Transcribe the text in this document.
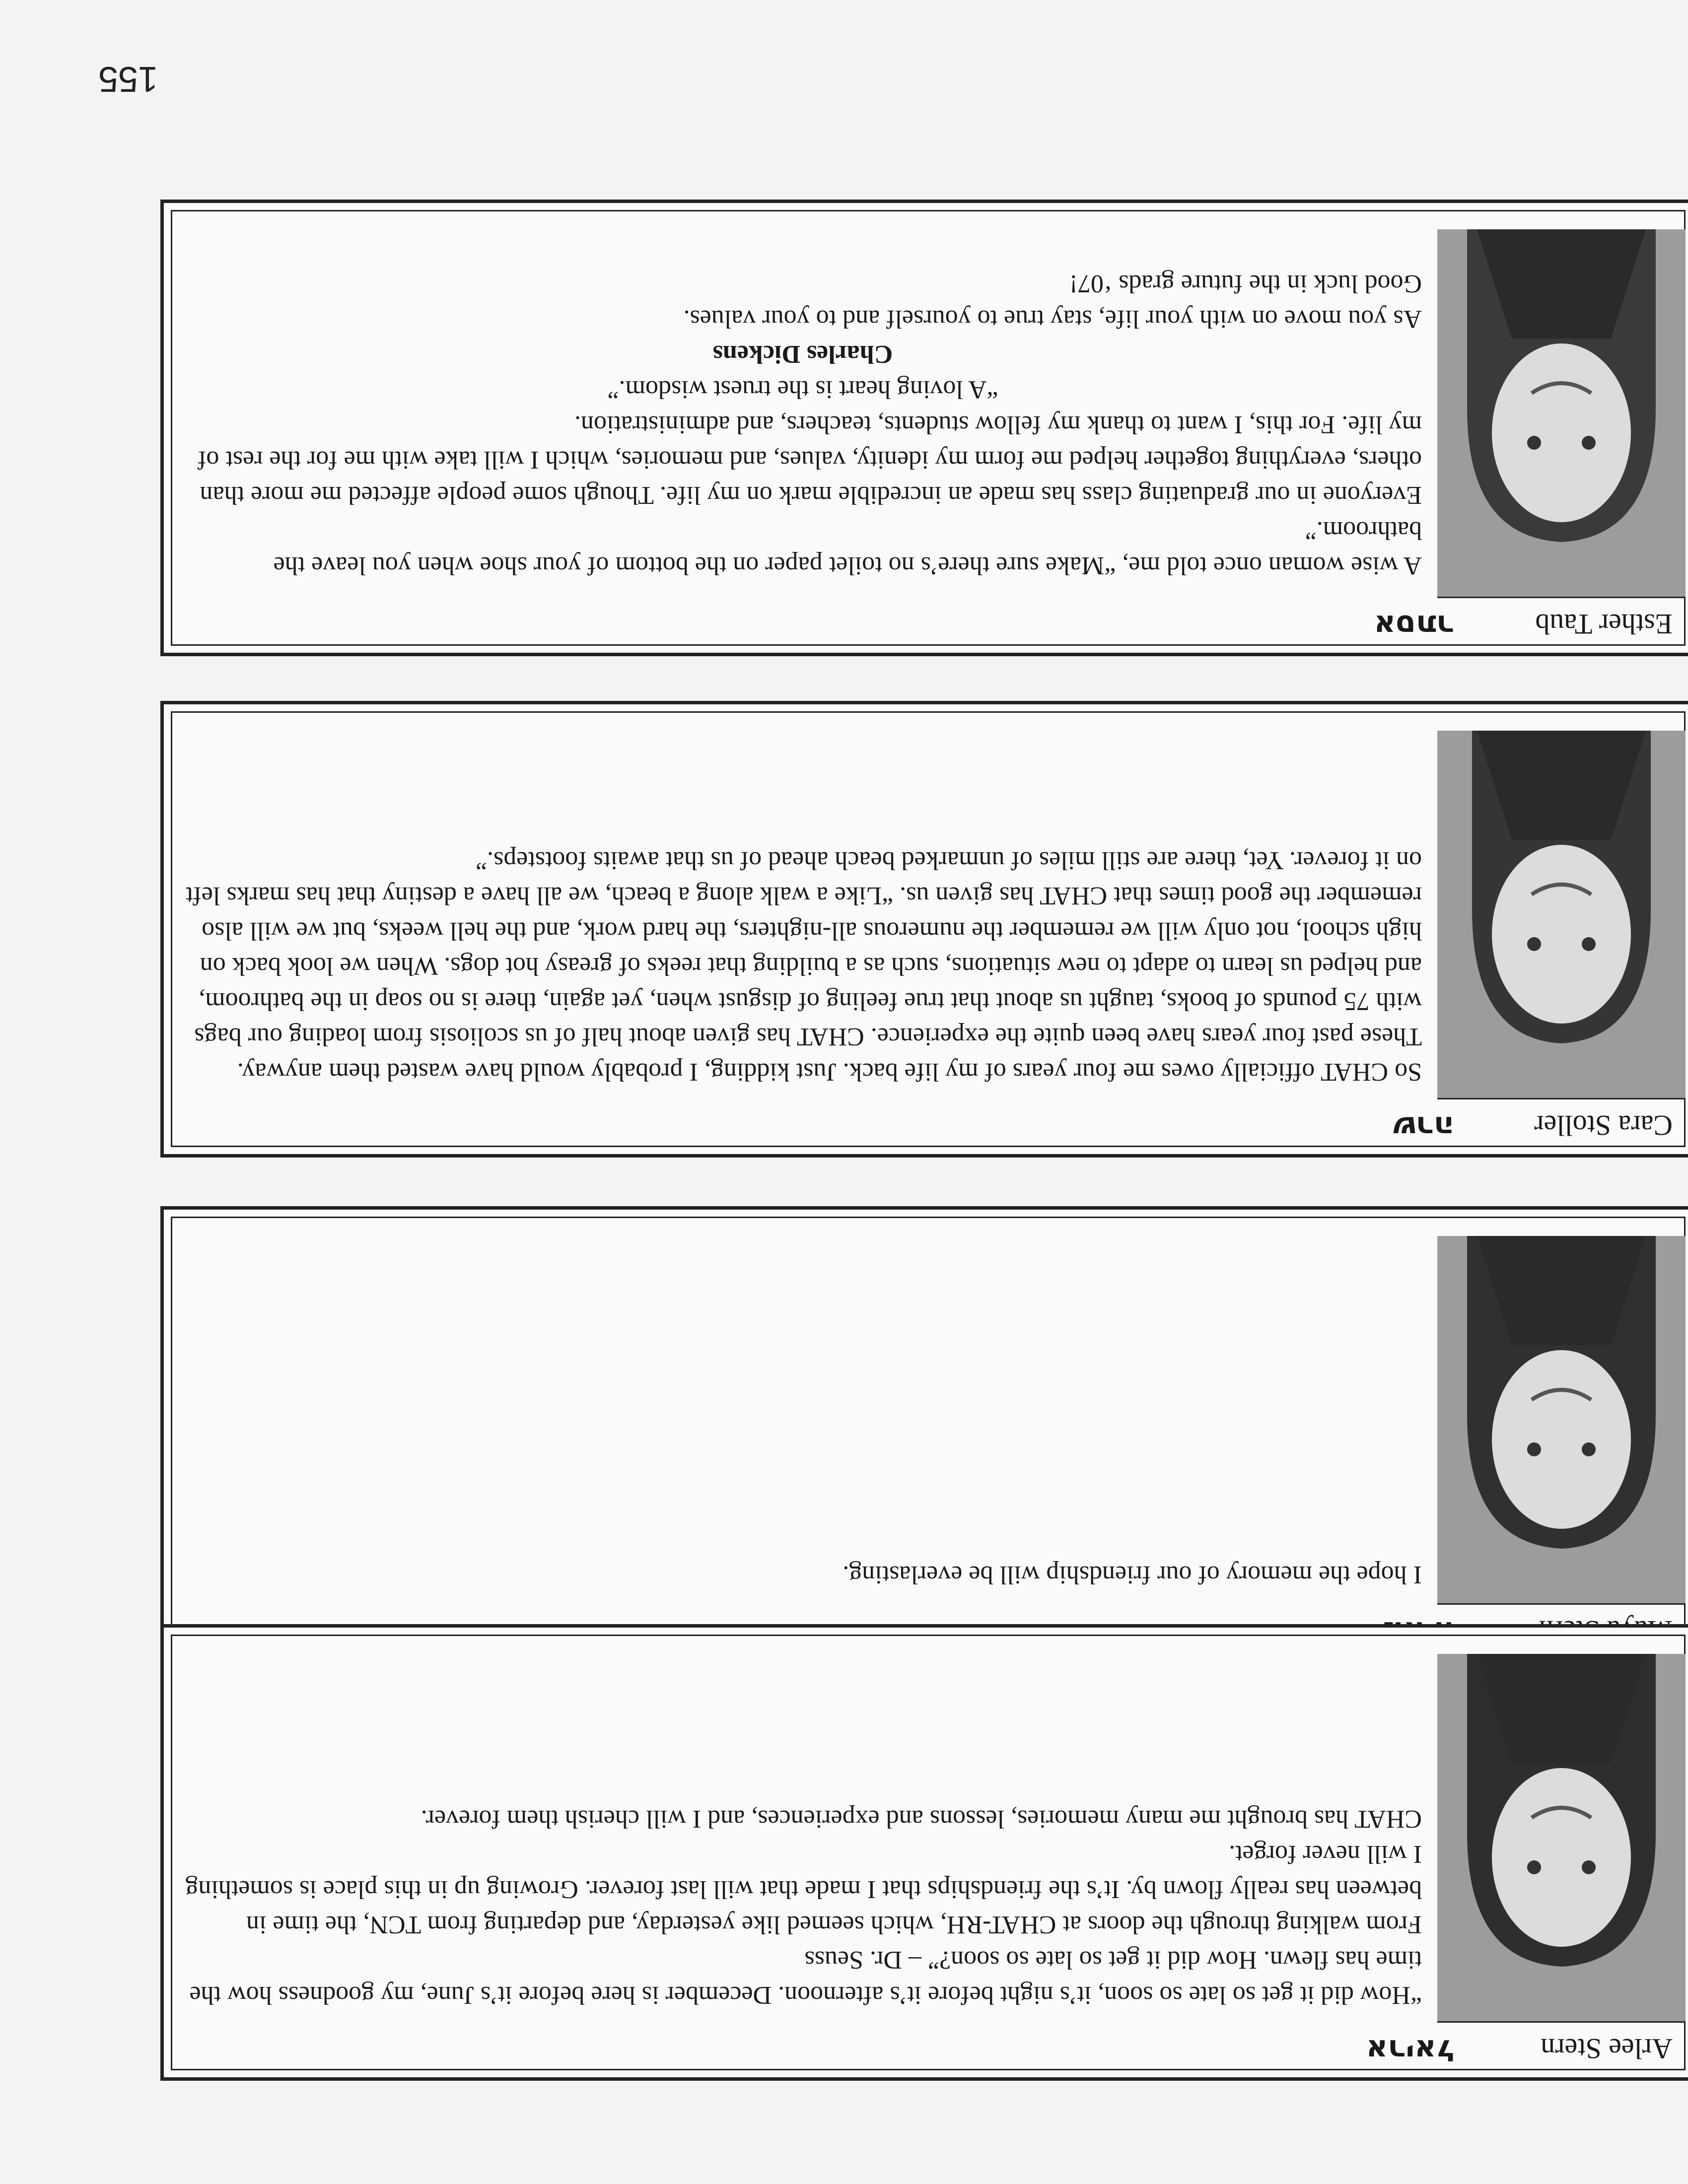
155
Esther Taub
אסתר

A wise woman once told me, “Make sure there’s no toilet paper on the bottom of your shoe when you leave the bathroom.”

Everyone in our graduating class has made an incredible mark on my life. Though some people affected me more than others, everything together helped me form my idenity, values, and memories, which I will take with me for the rest of my life. For this, I want to thank my fellow students, teachers, and administration.

“A loving heart is the truest wisdom.”

Charles Dickens

As you move on with your life, stay true to yourself and to your values.

Good luck in the future grads ‘07!

Cara Stoller
שרה

So CHAT officially owes me four years of my life back. Just kidding, I probably would have wasted them anyway. These past four years have been quite the experience. CHAT has given about half of us scoliosis from loading our bags with 75 pounds of books, taught us about that true feeling of disgust when, yet again, there is no soap in the bathroom, and helped us learn to adapt to new situations, such as a building that reeks of greasy hot dogs. When we look back on high school, not only will we remember the numerous all-nighters, the hard work, and the hell weeks, but we will also remember the good times that CHAT has given us. “Like a walk along a beach, we all have a destiny that has marks left on it forever. Yet, there are still miles of unmarked beach ahead of us that awaits footsteps.”

I hope the memory of our friendship will be everlasting.

Arlee Stern
אריאל

“How did it get so late so soon, it’s night before it’s afternoon. December is here before it’s June, my goodness how the time has flewn. How did it get so late so soon?” – Dr. Seuss

From walking through the doors at CHAT-RH, which seemed like yesterday, and departing from TCN, the time in between has really flown by. It’s the friendships that I made that will last forever. Growing up in this place is something I will never forget.

CHAT has brought me many memories, lessons and experiences, and I will cherish them forever.
